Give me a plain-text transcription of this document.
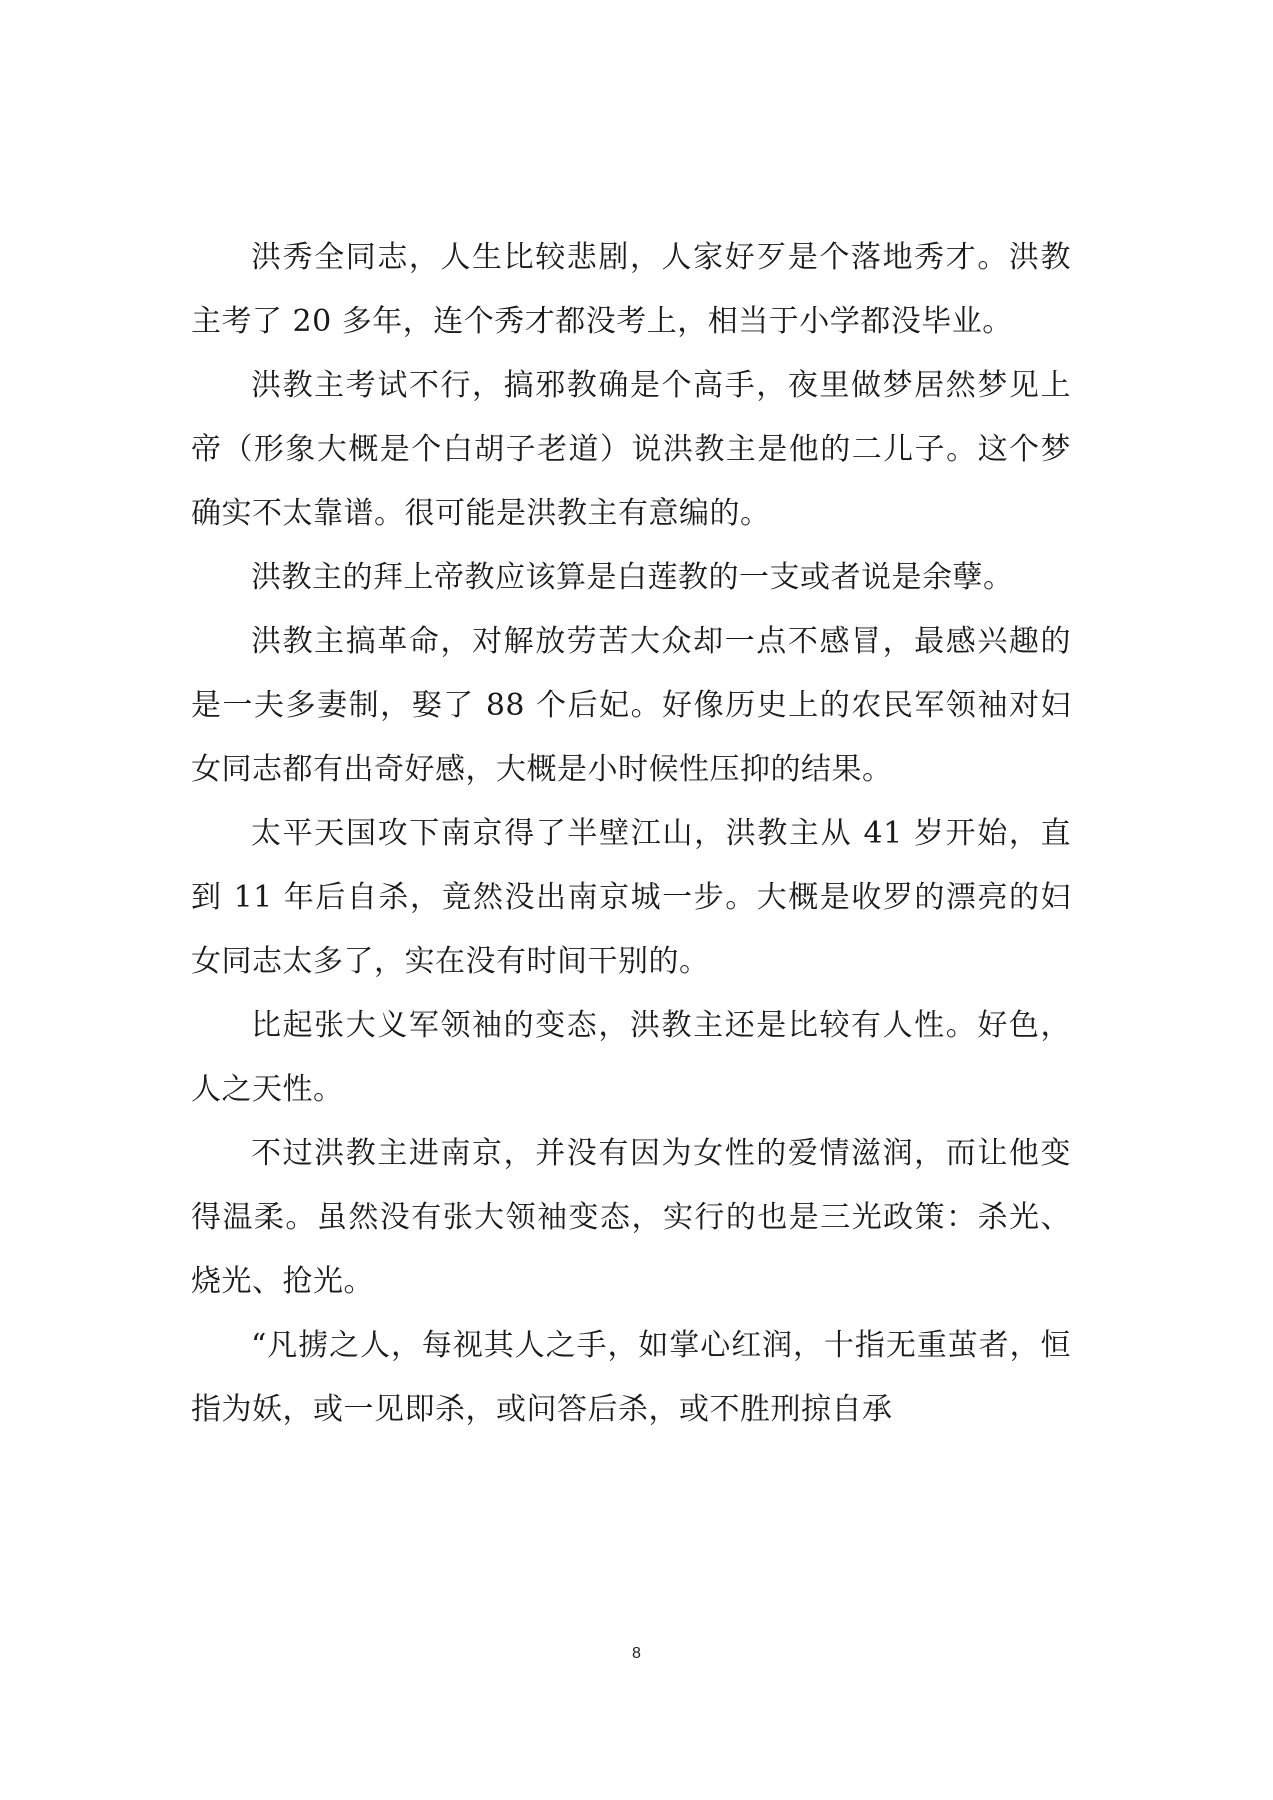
洪秀全同志，人生比较悲剧，人家好歹是个落地秀才。洪教主考了 20 多年，连个秀才都没考上，相当于小学都没毕业。

洪教主考试不行，搞邪教确是个高手，夜里做梦居然梦见上帝（形象大概是个白胡子老道）说洪教主是他的二儿子。这个梦确实不太靠谱。很可能是洪教主有意编的。

洪教主的拜上帝教应该算是白莲教的一支或者说是余孽。

洪教主搞革命，对解放劳苦大众却一点不感冒，最感兴趣的是一夫多妻制，娶了 88 个后妃。好像历史上的农民军领袖对妇女同志都有出奇好感，大概是小时候性压抑的结果。

太平天国攻下南京得了半壁江山，洪教主从 41 岁开始，直到 11 年后自杀，竟然没出南京城一步。大概是收罗的漂亮的妇女同志太多了，实在没有时间干别的。

比起张大义军领袖的变态，洪教主还是比较有人性。好色，人之天性。

不过洪教主进南京，并没有因为女性的爱情滋润，而让他变得温柔。虽然没有张大领袖变态，实行的也是三光政策：杀光、烧光、抢光。

“凡掳之人，每视其人之手，如掌心红润，十指无重茧者，恒指为妖，或一见即杀，或问答后杀，或不胜刑掠自承

8
